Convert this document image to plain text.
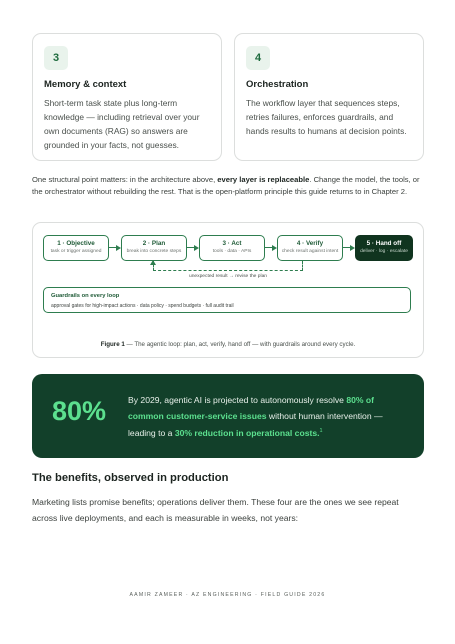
3
Memory & context
Short-term task state plus long-term knowledge — including retrieval over your own documents (RAG) so answers are grounded in your facts, not guesses.
4
Orchestration
The workflow layer that sequences steps, retries failures, enforces guardrails, and hands results to humans at decision points.

One structural point matters: in the architecture above, every layer is replaceable. Change the model, the tools, or the orchestrator without rebuilding the rest. That is the open-platform principle this guide returns to in Chapter 2.

1 · Objective
task or trigger assigned
2 · Plan
break into concrete steps
3 · Act
tools · data · APIs
4 · Verify
check result against intent
5 · Hand off
deliver · log · escalate
unexpected result → revise the plan
Guardrails on every loop
approval gates for high-impact actions · data policy · spend budgets · full audit trail
Figure 1 — The agentic loop: plan, act, verify, hand off — with guardrails around every cycle.
80%	By 2029, agentic AI is projected to autonomously resolve 80% of common customer-service issues without human intervention — leading to a 30% reduction in operational costs.$^1$
The benefits, observed in production

Marketing lists promise benefits; operations deliver them. These four are the ones we see repeat across live deployments, and each is measurable in weeks, not years:

AAMIR ZAMEER · AZ ENGINEERING · FIELD GUIDE 2026
